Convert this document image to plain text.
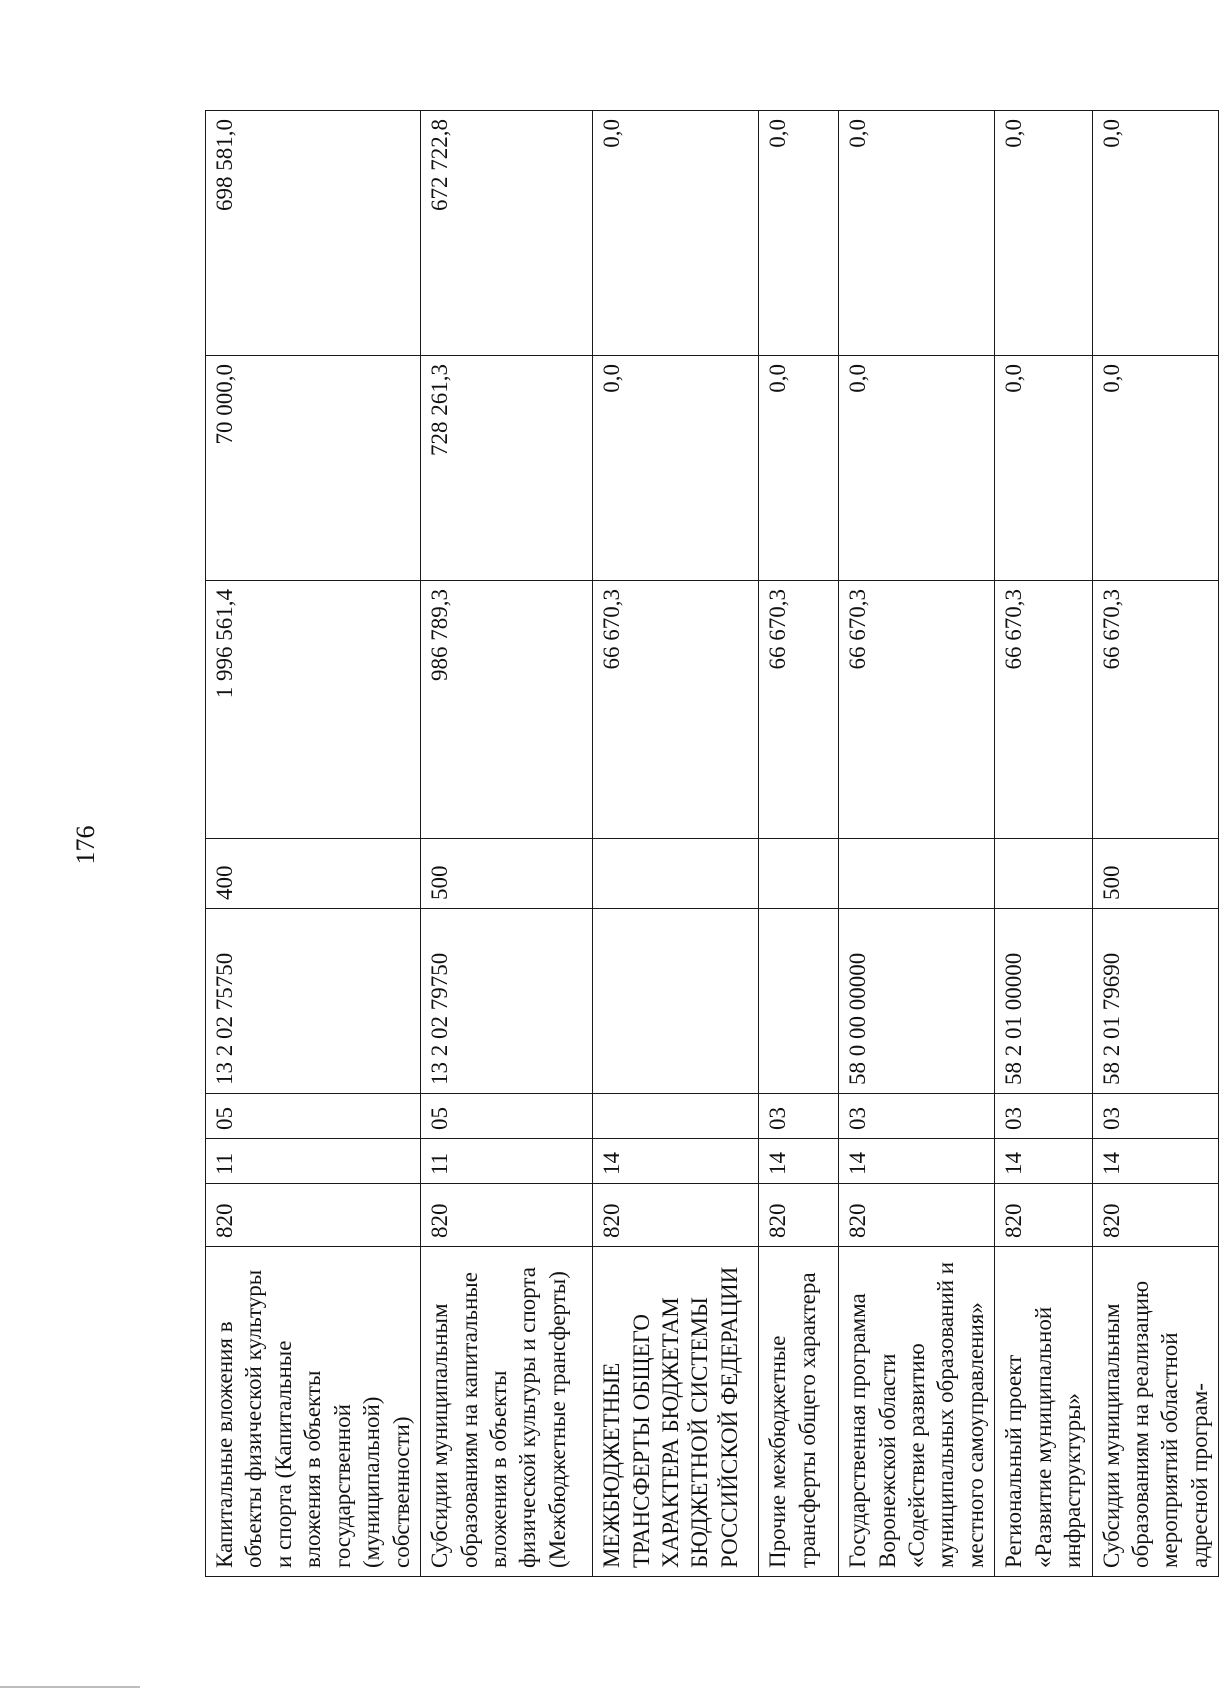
176
Капитальные вложения в объекты физической культуры и спорта (Капитальные вложения в объекты государственной (муниципальной) собственности)	820	11	05	13 2 02 75750	400	1 996 561,4	70 000,0	698 581,0
Субсидии муниципальным образованиям на капитальные вложения в объекты физической культуры и спорта (Межбюджетные трансферты)	820	11	05	13 2 02 79750	500	986 789,3	728 261,3	672 722,8
МЕЖБЮДЖЕТНЫЕ ТРАНСФЕРТЫ ОБЩЕГО ХАРАКТЕРА БЮДЖЕТАМ БЮДЖЕТНОЙ СИСТЕМЫ РОССИЙСКОЙ ФЕДЕРАЦИИ	820	14				66 670,3	0,0	0,0
Прочие межбюджетные трансферты общего характера	820	14	03			66 670,3	0,0	0,0
Государственная программа Воронежской области «Содействие развитию муниципальных образований и местного самоуправления»	820	14	03	58 0 00 00000		66 670,3	0,0	0,0
Региональный проект «Развитие муниципальной инфраструктуры»	820	14	03	58 2 01 00000		66 670,3	0,0	0,0
Субсидии муниципальным образованиям на реализацию мероприятий областной адресной програм-	820	14	03	58 2 01 79690	500	66 670,3	0,0	0,0
